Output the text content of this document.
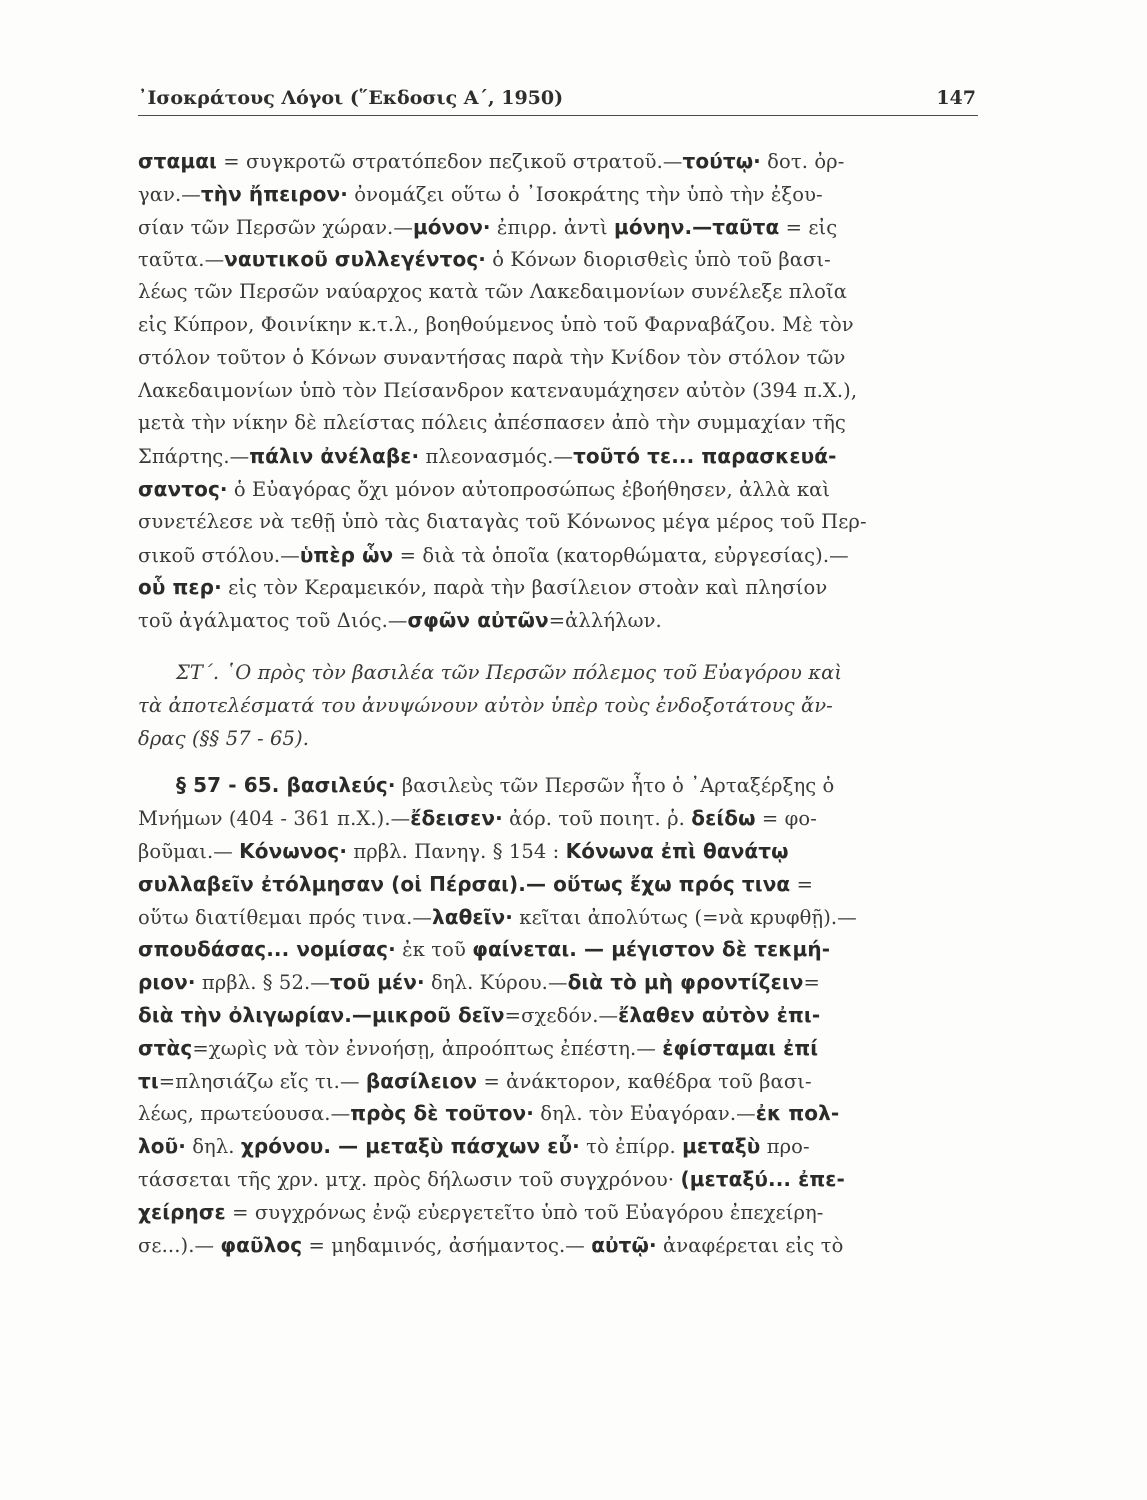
᾿Ισοκράτους Λόγοι (῞Εκδοσις Α΄, 1950)	147
σταμαι = συγκροτῶ στρατόπεδον πεζικοῦ στρατοῦ.—τούτῳ· δοτ. ὀρ-
γαν.—τὴν ἤπειρον· ὀνομάζει οὕτω ὁ ᾿Ισοκράτης τὴν ὑπὸ τὴν ἐξου-
σίαν τῶν Περσῶν χώραν.—μόνον· ἐπιρρ. ἀντὶ μόνην.—ταῦτα = εἰς
ταῦτα.—ναυτικοῦ συλλεγέντος· ὁ Κόνων διορισθεὶς ὑπὸ τοῦ βασι-
λέως τῶν Περσῶν ναύαρχος κατὰ τῶν Λακεδαιμονίων συνέλεξε πλοῖα
εἰς Κύπρον, Φοινίκην κ.τ.λ., βοηθούμενος ὑπὸ τοῦ Φαρναβάζου. Μὲ τὸν
στόλον τοῦτον ὁ Κόνων συναντήσας παρὰ τὴν Κνίδον τὸν στόλον τῶν
Λακεδαιμονίων ὑπὸ τὸν Πείσανδρον κατεναυμάχησεν αὐτὸν (394 π.Χ.),
μετὰ τὴν νίκην δὲ πλείστας πόλεις ἀπέσπασεν ἀπὸ τὴν συμμαχίαν τῆς
Σπάρτης.—πάλιν ἀνέλαβε· πλεονασμός.—τοῦτό τε... παρασκευά-
σαντος· ὁ Εὐαγόρας ὄχι μόνον αὐτοπροσώπως ἐβοήθησεν, ἀλλὰ καὶ
συνετέλεσε νὰ τεθῇ ὑπὸ τὰς διαταγὰς τοῦ Κόνωνος μέγα μέρος τοῦ Περ-
σικοῦ στόλου.—ὑπὲρ ὧν = διὰ τὰ ὁποῖα (κατορθώματα, εὐργεσίας).—
οὗ περ· εἰς τὸν Κεραμεικόν, παρὰ τὴν βασίλειον στοὰν καὶ πλησίον
τοῦ ἀγάλματος τοῦ Διός.—σφῶν αὐτῶν=ἀλλήλων.
ΣΤ΄. ῾Ο πρὸς τὸν βασιλέα τῶν Περσῶν πόλεμος τοῦ Εὐαγόρου καὶ
τὰ ἀποτελέσματά του ἀνυψώνουν αὐτὸν ὑπὲρ τοὺς ἐνδοξοτάτους ἄν-
δρας (§§ 57 - 65).
§ 57 - 65. βασιλεύς· βασιλεὺς τῶν Περσῶν ἦτο ὁ ᾿Αρταξέρξης ὁ
Μνήμων (404 - 361 π.Χ.).—ἔδεισεν· ἀόρ. τοῦ ποιητ. ῥ. δείδω = φο-
βοῦμαι.— Κόνωνος· πρβλ. Πανηγ. § 154 : Κόνωνα ἐπὶ θανάτῳ
συλλαβεῖν ἐτόλμησαν (οἱ Πέρσαι).— οὕτως ἔχω πρός τινα =
οὕτω διατίθεμαι πρός τινα.—λαθεῖν· κεῖται ἀπολύτως (=νὰ κρυφθῇ).—
σπουδάσας... νομίσας· ἐκ τοῦ φαίνεται. — μέγιστον δὲ τεκμή-
ριον· πρβλ. § 52.—τοῦ μέν· δηλ. Κύρου.—διὰ τὸ μὴ φροντίζειν=
διὰ τὴν ὀλιγωρίαν.—μικροῦ δεῖν=σχεδόν.—ἔλαθεν αὐτὸν ἐπι-
στὰς=χωρὶς νὰ τὸν ἐννοήσῃ, ἀπροόπτως ἐπέστη.— ἐφίσταμαι ἐπί
τι=πλησιάζω εἴς τι.— βασίλειον = ἀνάκτορον, καθέδρα τοῦ βασι-
λέως, πρωτεύουσα.—πρὸς δὲ τοῦτον· δηλ. τὸν Εὐαγόραν.—ἐκ πολ-
λοῦ· δηλ. χρόνου. — μεταξὺ πάσχων εὖ· τὸ ἐπίρρ. μεταξὺ προ-
τάσσεται τῆς χρν. μτχ. πρὸς δήλωσιν τοῦ συγχρόνου· (μεταξύ... ἐπε-
χείρησε = συγχρόνως ἐνῷ εὐεργετεῖτο ὑπὸ τοῦ Εὐαγόρου ἐπεχείρη-
σε...).— φαῦλος = μηδαμινός, ἀσήμαντος.— αὐτῷ· ἀναφέρεται εἰς τὸ
